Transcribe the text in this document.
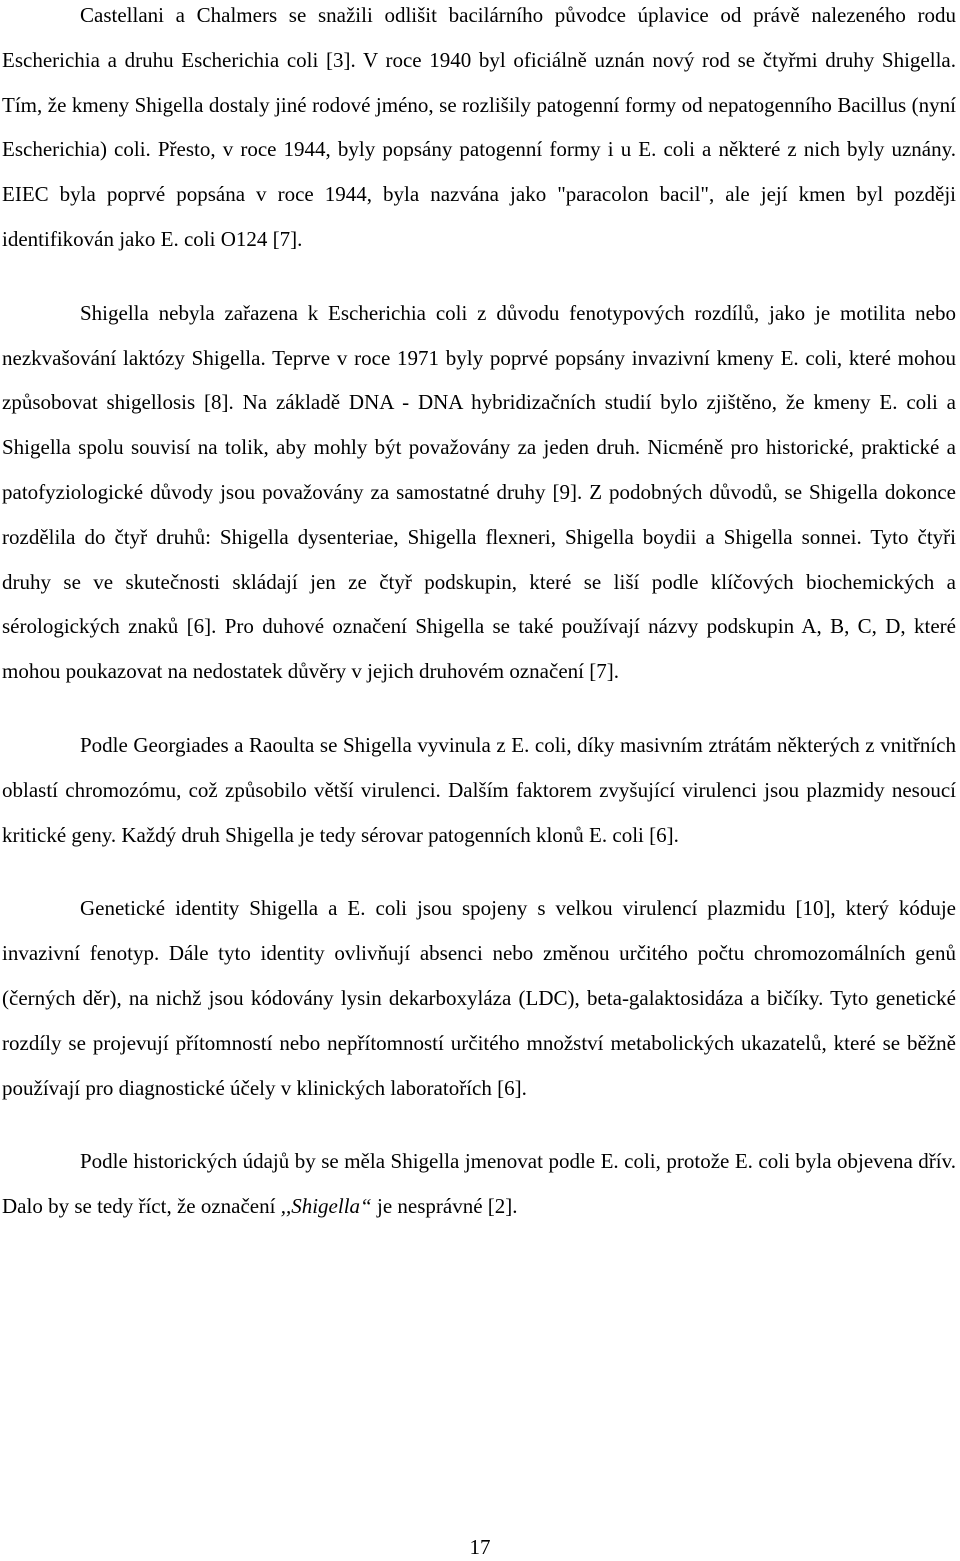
Castellani a Chalmers se snažili odlišit bacilárního původce úplavice od právě nalezeného rodu Escherichia a druhu Escherichia coli [3]. V roce 1940 byl oficiálně uznán nový rod se čtyřmi druhy Shigella. Tím, že kmeny Shigella dostaly jiné rodové jméno, se rozlišily patogenní formy od nepatogenního Bacillus (nyní Escherichia) coli. Přesto, v roce 1944, byly popsány patogenní formy i u E. coli a některé z nich byly uznány. EIEC byla poprvé popsána v roce 1944, byla nazvána jako "paracolon bacil", ale její kmen byl později identifikován jako E. coli O124 [7].

Shigella nebyla zařazena k Escherichia coli z důvodu fenotypových rozdílů, jako je motilita nebo nezkvašování laktózy Shigella. Teprve v roce 1971 byly poprvé popsány invazivní kmeny E. coli, které mohou způsobovat shigellosis [8]. Na základě DNA - DNA hybridizačních studií bylo zjištěno, že kmeny E. coli a Shigella spolu souvisí na tolik, aby mohly být považovány za jeden druh. Nicméně pro historické, praktické a patofyziologické důvody jsou považovány za samostatné druhy [9]. Z podobných důvodů, se Shigella dokonce rozdělila do čtyř druhů: Shigella dysenteriae, Shigella flexneri, Shigella boydii a Shigella sonnei. Tyto čtyři druhy se ve skutečnosti skládají jen ze čtyř podskupin, které se liší podle klíčových biochemických a sérologických znaků [6]. Pro duhové označení Shigella se také používají názvy podskupin A, B, C, D, které mohou poukazovat na nedostatek důvěry v jejich druhovém označení [7].

Podle Georgiades a Raoulta se Shigella vyvinula z E. coli, díky masivním ztrátám některých z vnitřních oblastí chromozómu, což způsobilo větší virulenci. Dalším faktorem zvyšující virulenci jsou plazmidy nesoucí kritické geny. Každý druh Shigella je tedy sérovar patogenních klonů E. coli [6].

Genetické identity Shigella a E. coli jsou spojeny s velkou virulencí plazmidu [10], který kóduje invazivní fenotyp. Dále tyto identity ovlivňují absenci nebo změnou určitého počtu chromozomálních genů (černých děr), na nichž jsou kódovány lysin dekarboxyláza (LDC), beta-galaktosidáza a bičíky. Tyto genetické rozdíly se projevují přítomností nebo nepřítomností určitého množství metabolických ukazatelů, které se běžně používají pro diagnostické účely v klinických laboratořích [6].

Podle historických údajů by se měla Shigella jmenovat podle E. coli, protože E. coli byla objevena dřív. Dalo by se tedy říct, že označení ,,Shigella“ je nesprávné [2].

17
